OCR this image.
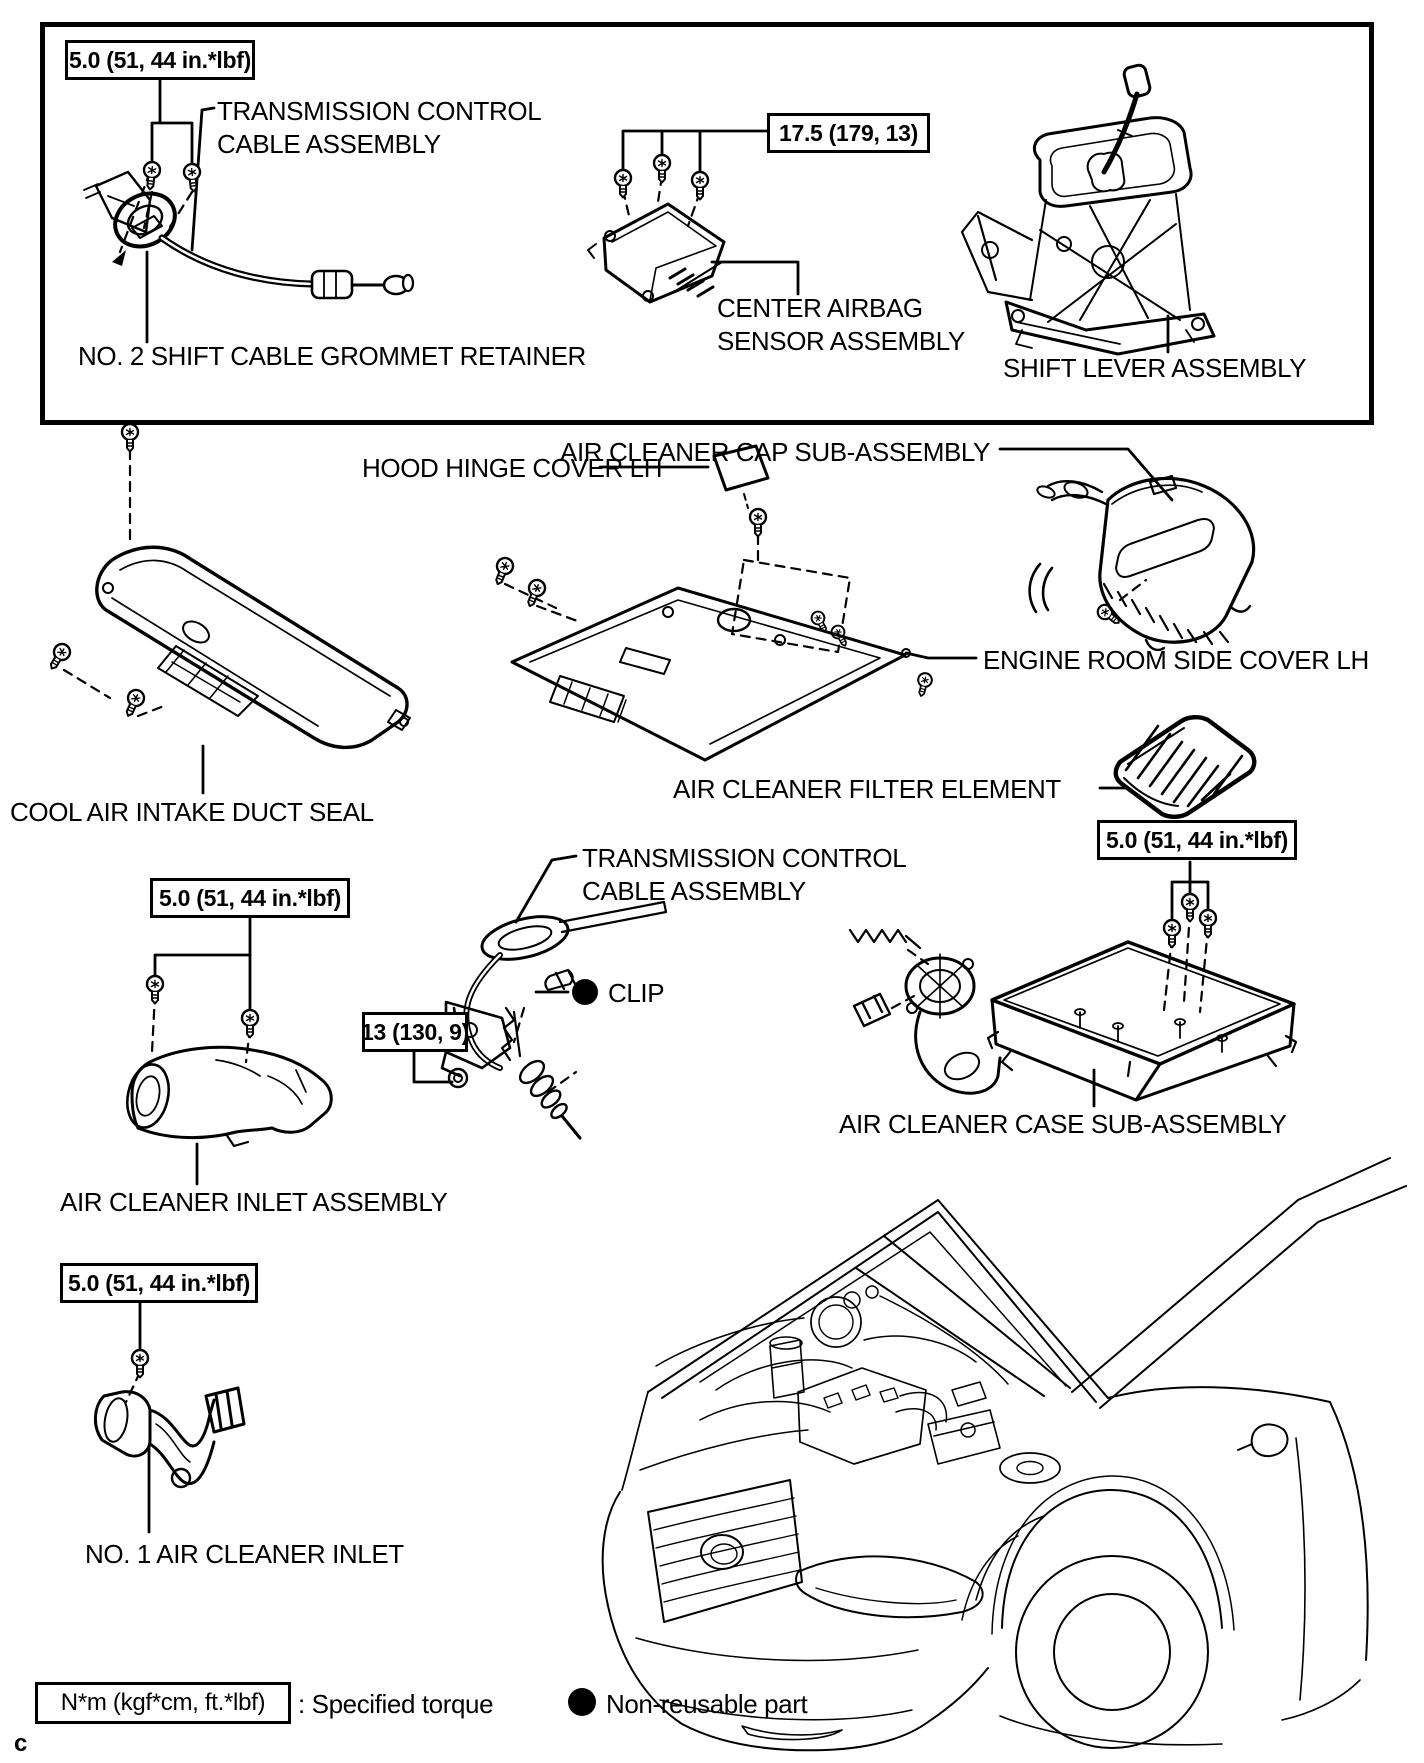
5.0 (51, 44 in.*lbf)
17.5 (179, 13)
5.0 (51, 44 in.*lbf)
5.0 (51, 44 in.*lbf)
13 (130, 9)
5.0 (51, 44 in.*lbf)
TRANSMISSION CONTROL
CABLE ASSEMBLY
CENTER AIRBAG
SENSOR ASSEMBLY
NO. 2 SHIFT CABLE GROMMET RETAINER	SHIFT LEVER ASSEMBLY
AIR CLEANER CAP SUB-ASSEMBLY
HOOD HINGE COVER LH
ENGINE ROOM SIDE COVER LH
COOL AIR INTAKE DUCT SEAL
AIR CLEANER FILTER ELEMENT
TRANSMISSION CONTROL
CABLE ASSEMBLY
CLIP
AIR CLEANER CASE SUB-ASSEMBLY
AIR CLEANER INLET ASSEMBLY
NO. 1 AIR CLEANER INLET
N*m (kgf*cm, ft.*lbf) : Specified torque	Non-reusable part
c
